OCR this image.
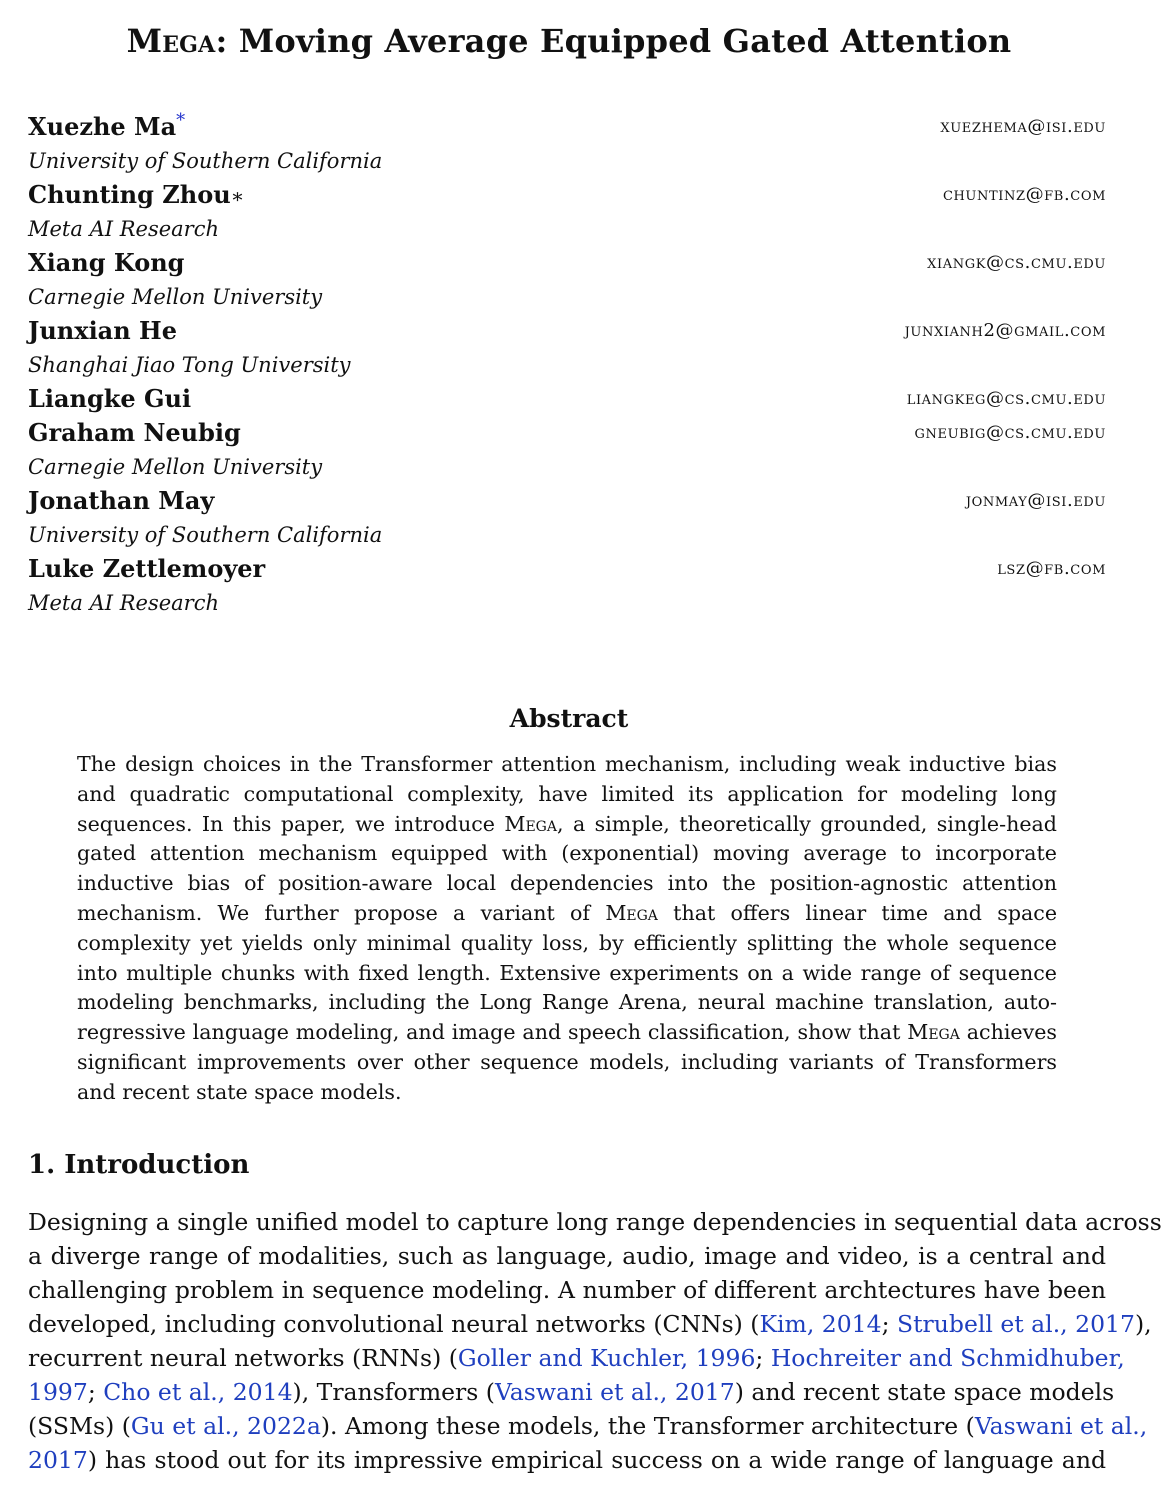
Mega: Moving Average Equipped Gated Attention
Xuezhe Ma*	xuezhema@isi.edu
University of Southern California
Chunting Zhou∗	chuntinz@fb.com
Meta AI Research
Xiang Kong	xiangk@cs.cmu.edu
Carnegie Mellon University
Junxian He	junxianh2@gmail.com
Shanghai Jiao Tong University
Liangke Gui	liangkeg@cs.cmu.edu
Graham Neubig	gneubig@cs.cmu.edu
Carnegie Mellon University
Jonathan May	jonmay@isi.edu
University of Southern California
Luke Zettlemoyer	lsz@fb.com
Meta AI Research
Abstract
The design choices in the Transformer attention mechanism, including weak inductive bias
and quadratic computational complexity, have limited its application for modeling long
sequences. In this paper, we introduce Mega, a simple, theoretically grounded, single-head
gated attention mechanism equipped with (exponential) moving average to incorporate
inductive bias of position-aware local dependencies into the position-agnostic attention
mechanism. We further propose a variant of Mega that offers linear time and space
complexity yet yields only minimal quality loss, by efficiently splitting the whole sequence
into multiple chunks with fixed length. Extensive experiments on a wide range of sequence
modeling benchmarks, including the Long Range Arena, neural machine translation, auto-
regressive language modeling, and image and speech classification, show that Mega achieves
significant improvements over other sequence models, including variants of Transformers
and recent state space models.
1. Introduction
Designing a single unified model to capture long range dependencies in sequential data across
a diverge range of modalities, such as language, audio, image and video, is a central and
challenging problem in sequence modeling. A number of different archtectures have been
developed, including convolutional neural networks (CNNs) (Kim, 2014; Strubell et al., 2017),
recurrent neural networks (RNNs) (Goller and Kuchler, 1996; Hochreiter and Schmidhuber,
1997; Cho et al., 2014), Transformers (Vaswani et al., 2017) and recent state space models
(SSMs) (Gu et al., 2022a). Among these models, the Transformer architecture (Vaswani et al.,
2017) has stood out for its impressive empirical success on a wide range of language and
